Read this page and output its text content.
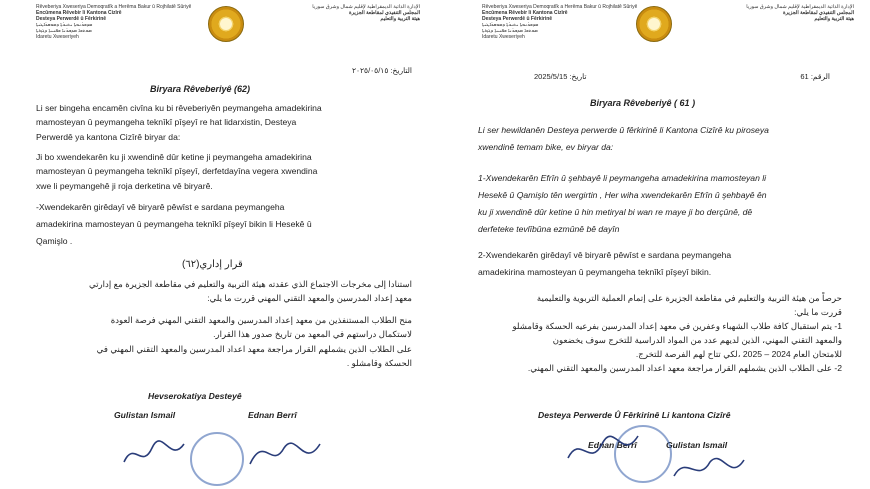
Rêveberiya Xweseriya Demoqratîk a Herêma Bakur û Rojhilatê Sûriyê
Encûmena Rêvebir li Kantona Cizîrê
Desteya Perwerdê û Fêrkirinê
ܡܕܒܪܢܘܬܐ ܝܬܝܪܬܐ ܕܡܘܩܪܐܛܝܬܐ
ܡܘܬܒܐ ܡܕܒܪܢܐ ܒܦܢܝܬܐ ܕܓܙܪܬܐ
Idaretu Xweseriyeh
الإدارة الذاتية الديمقراطية لإقليم شمال وشرق سوريا
المجلس التنفيذي لمقاطعة الجزيرة
هيئة التربية والتعليم
التاريخ: ٢٠٢٥/٠٥/١٥
Biryara Rêveberiyê (62)
Li ser bingeha encamên civîna ku bi rêveberiyên peymangeha amadekirina
mamosteyan û peymangeha teknîkî pîşeyî re hat lidarxistin, Desteya
Perwerdê ya kantona Cizîrê biryar da:
Ji bo xwendekarên ku ji xwendinê dûr ketine ji peymangeha amadekirina
mamosteyan û peymangeha teknîkî pîşeyî, derfetdayîna vegera xwendina
xwe li peymangehê ji roja derketina vê biryarê.
-Xwendekarên girêdayî vê biryarê pêwîst e sardana peymangeha
amadekirina mamosteyan û peymangeha teknîkî pîşeyî bikin li Hesekê û
Qamişlo .
قرار إداري(٦٢)
استنادا إلى مخرجات الاجتماع الذي عقدته هيئة التربية والتعليم في مقاطعة الجزيرة مع إدارتي
معهد إعداد المدرسين والمعهد التقني المهني قررت ما يلي:
منح الطلاب المستنفذين من معهد إعداد المدرسين والمعهد التقني المهني فرصة العودة
لاستكمال دراستهم في المعهد من تاريخ صدور هذا القرار.
على الطلاب الذين يشملهم القرار مراجعة معهد اعداد المدرسين والمعهد التقني المهني في
الحسكة وقامشلو .
Hevserokatiya Desteyê
Gulistan Ismail	Ednan Berrî
Rêveberiya Xweseriya Demoqratîk a Herêma Bakur û Rojhilatê Sûriyê
Encûmena Rêvebir li Kantona Cizîrê
Desteya Perwerdê û Fêrkirinê
ܡܕܒܪܢܘܬܐ ܝܬܝܪܬܐ ܕܡܘܩܪܐܛܝܬܐ
ܡܘܬܒܐ ܡܕܒܪܢܐ ܒܦܢܝܬܐ ܕܓܙܪܬܐ
Idaretu Xweseriyeh
الإدارة الذاتية الديمقراطية لإقليم شمال وشرق سوريا
المجلس التنفيذي لمقاطعة الجزيرة
هيئة التربية والتعليم
2025/5/15 :تاريخ	الرقم: 61
Biryara Rêveberiyê ( 61 )
Li ser hewildanên Desteya perwerde û fêrkirinê li Kantona Cizîrê ku piroseya
xwendinê temam bike, ev biryar da:
1-Xwendekarên Efrîn û şehbayê li peymangeha amadekirina mamosteyan li
Hesekê û Qamişlo tên wergirtin , Her wiha xwendekarên Efrîn û şehbayê ên
ku ji xwendinê dûr ketine û hin metiryal bi wan re maye ji bo derçûnê, dê
derfeteke tevlîbûna ezmûnê bê dayîn
2-Xwendekarên girêdayî vê biryarê pêwîst e sardana peymangeha
amadekirina mamosteyan û peymangeha teknîkî pîşeyî bikin.
حرصاً من هيئة التربية والتعليم في مقاطعة الجزيرة على إتمام العملية التربوية والتعليمية
قررت ما يلي:
1- يتم استقبال كافة طلاب الشهباء وعفرين في معهد إعداد المدرسين بفرعيه الحسكة وقامشلو
والمعهد التقني المهني، الذين لديهم عدد من المواد الدراسية للتخرج سوف يخضعون
للامتحان العام 2024 – 2025 ،لكي تتاح لهم الفرصة للتخرج.
2- على الطلاب الذين يشملهم القرار مراجعة معهد اعداد المدرسين والمعهد التقني المهني.
Desteya Perwerde Û Fêrkirinê Li kantona Cizîrê
Ednan Berrî	Gulistan Ismail
